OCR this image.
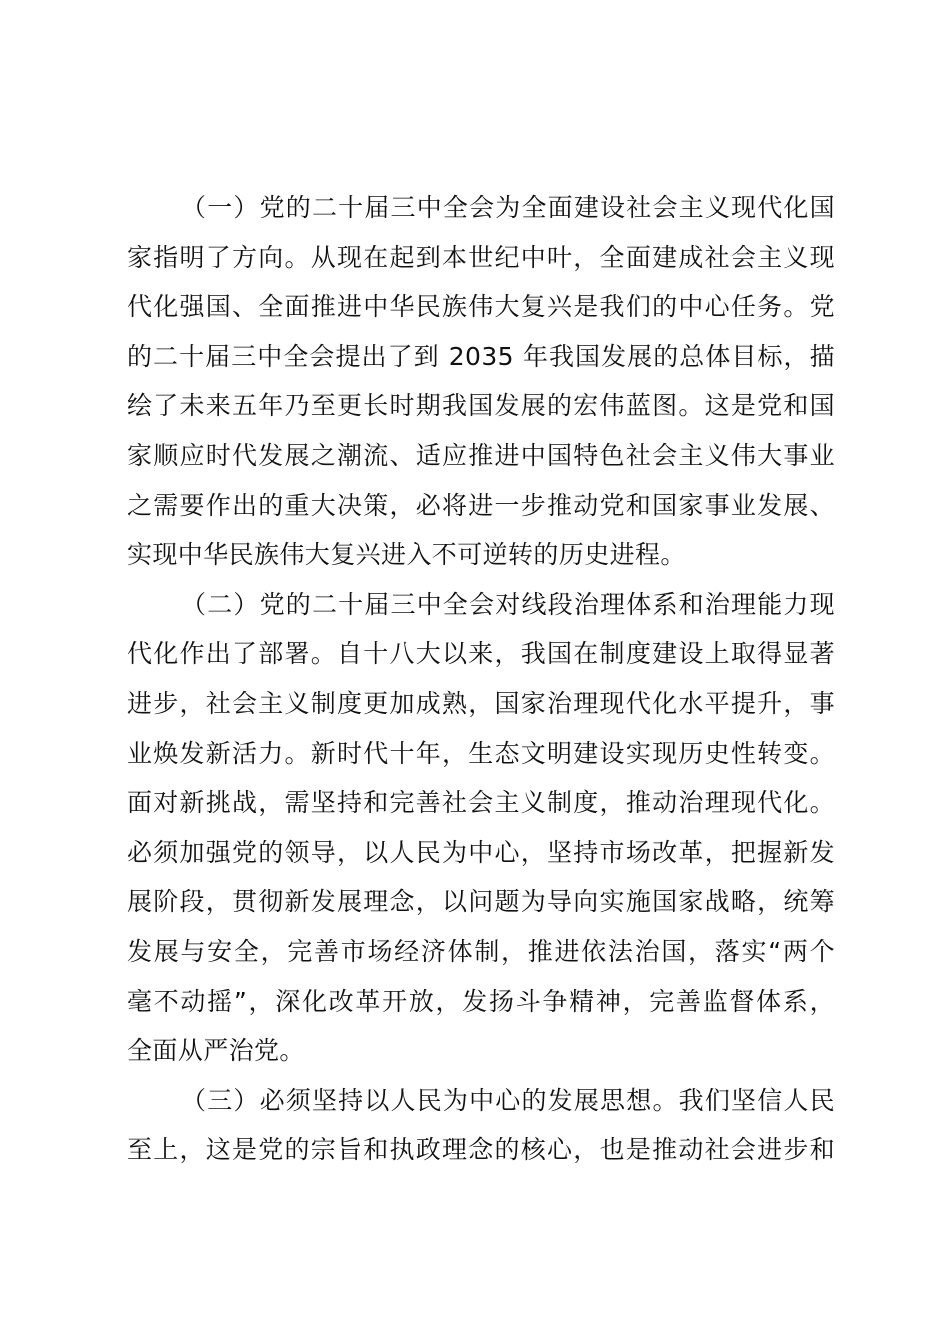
（一）党的二十届三中全会为全面建设社会主义现代化国
家指明了方向。从现在起到本世纪中叶，全面建成社会主义现
代化强国、全面推进中华民族伟大复兴是我们的中心任务。党
的二十届三中全会提出了到 2035 年我国发展的总体目标，描
绘了未来五年乃至更长时期我国发展的宏伟蓝图。这是党和国
家顺应时代发展之潮流、适应推进中国特色社会主义伟大事业
之需要作出的重大决策，必将进一步推动党和国家事业发展、
实现中华民族伟大复兴进入不可逆转的历史进程。
（二）党的二十届三中全会对线段治理体系和治理能力现
代化作出了部署。自十八大以来，我国在制度建设上取得显著
进步，社会主义制度更加成熟，国家治理现代化水平提升，事
业焕发新活力。新时代十年，生态文明建设实现历史性转变。
面对新挑战，需坚持和完善社会主义制度，推动治理现代化。
必须加强党的领导，以人民为中心，坚持市场改革，把握新发
展阶段，贯彻新发展理念，以问题为导向实施国家战略，统筹
发展与安全，完善市场经济体制，推进依法治国，落实“两个
毫不动摇”，深化改革开放，发扬斗争精神，完善监督体系，
全面从严治党。
（三）必须坚持以人民为中心的发展思想。我们坚信人民
至上，这是党的宗旨和执政理念的核心，也是推动社会进步和
